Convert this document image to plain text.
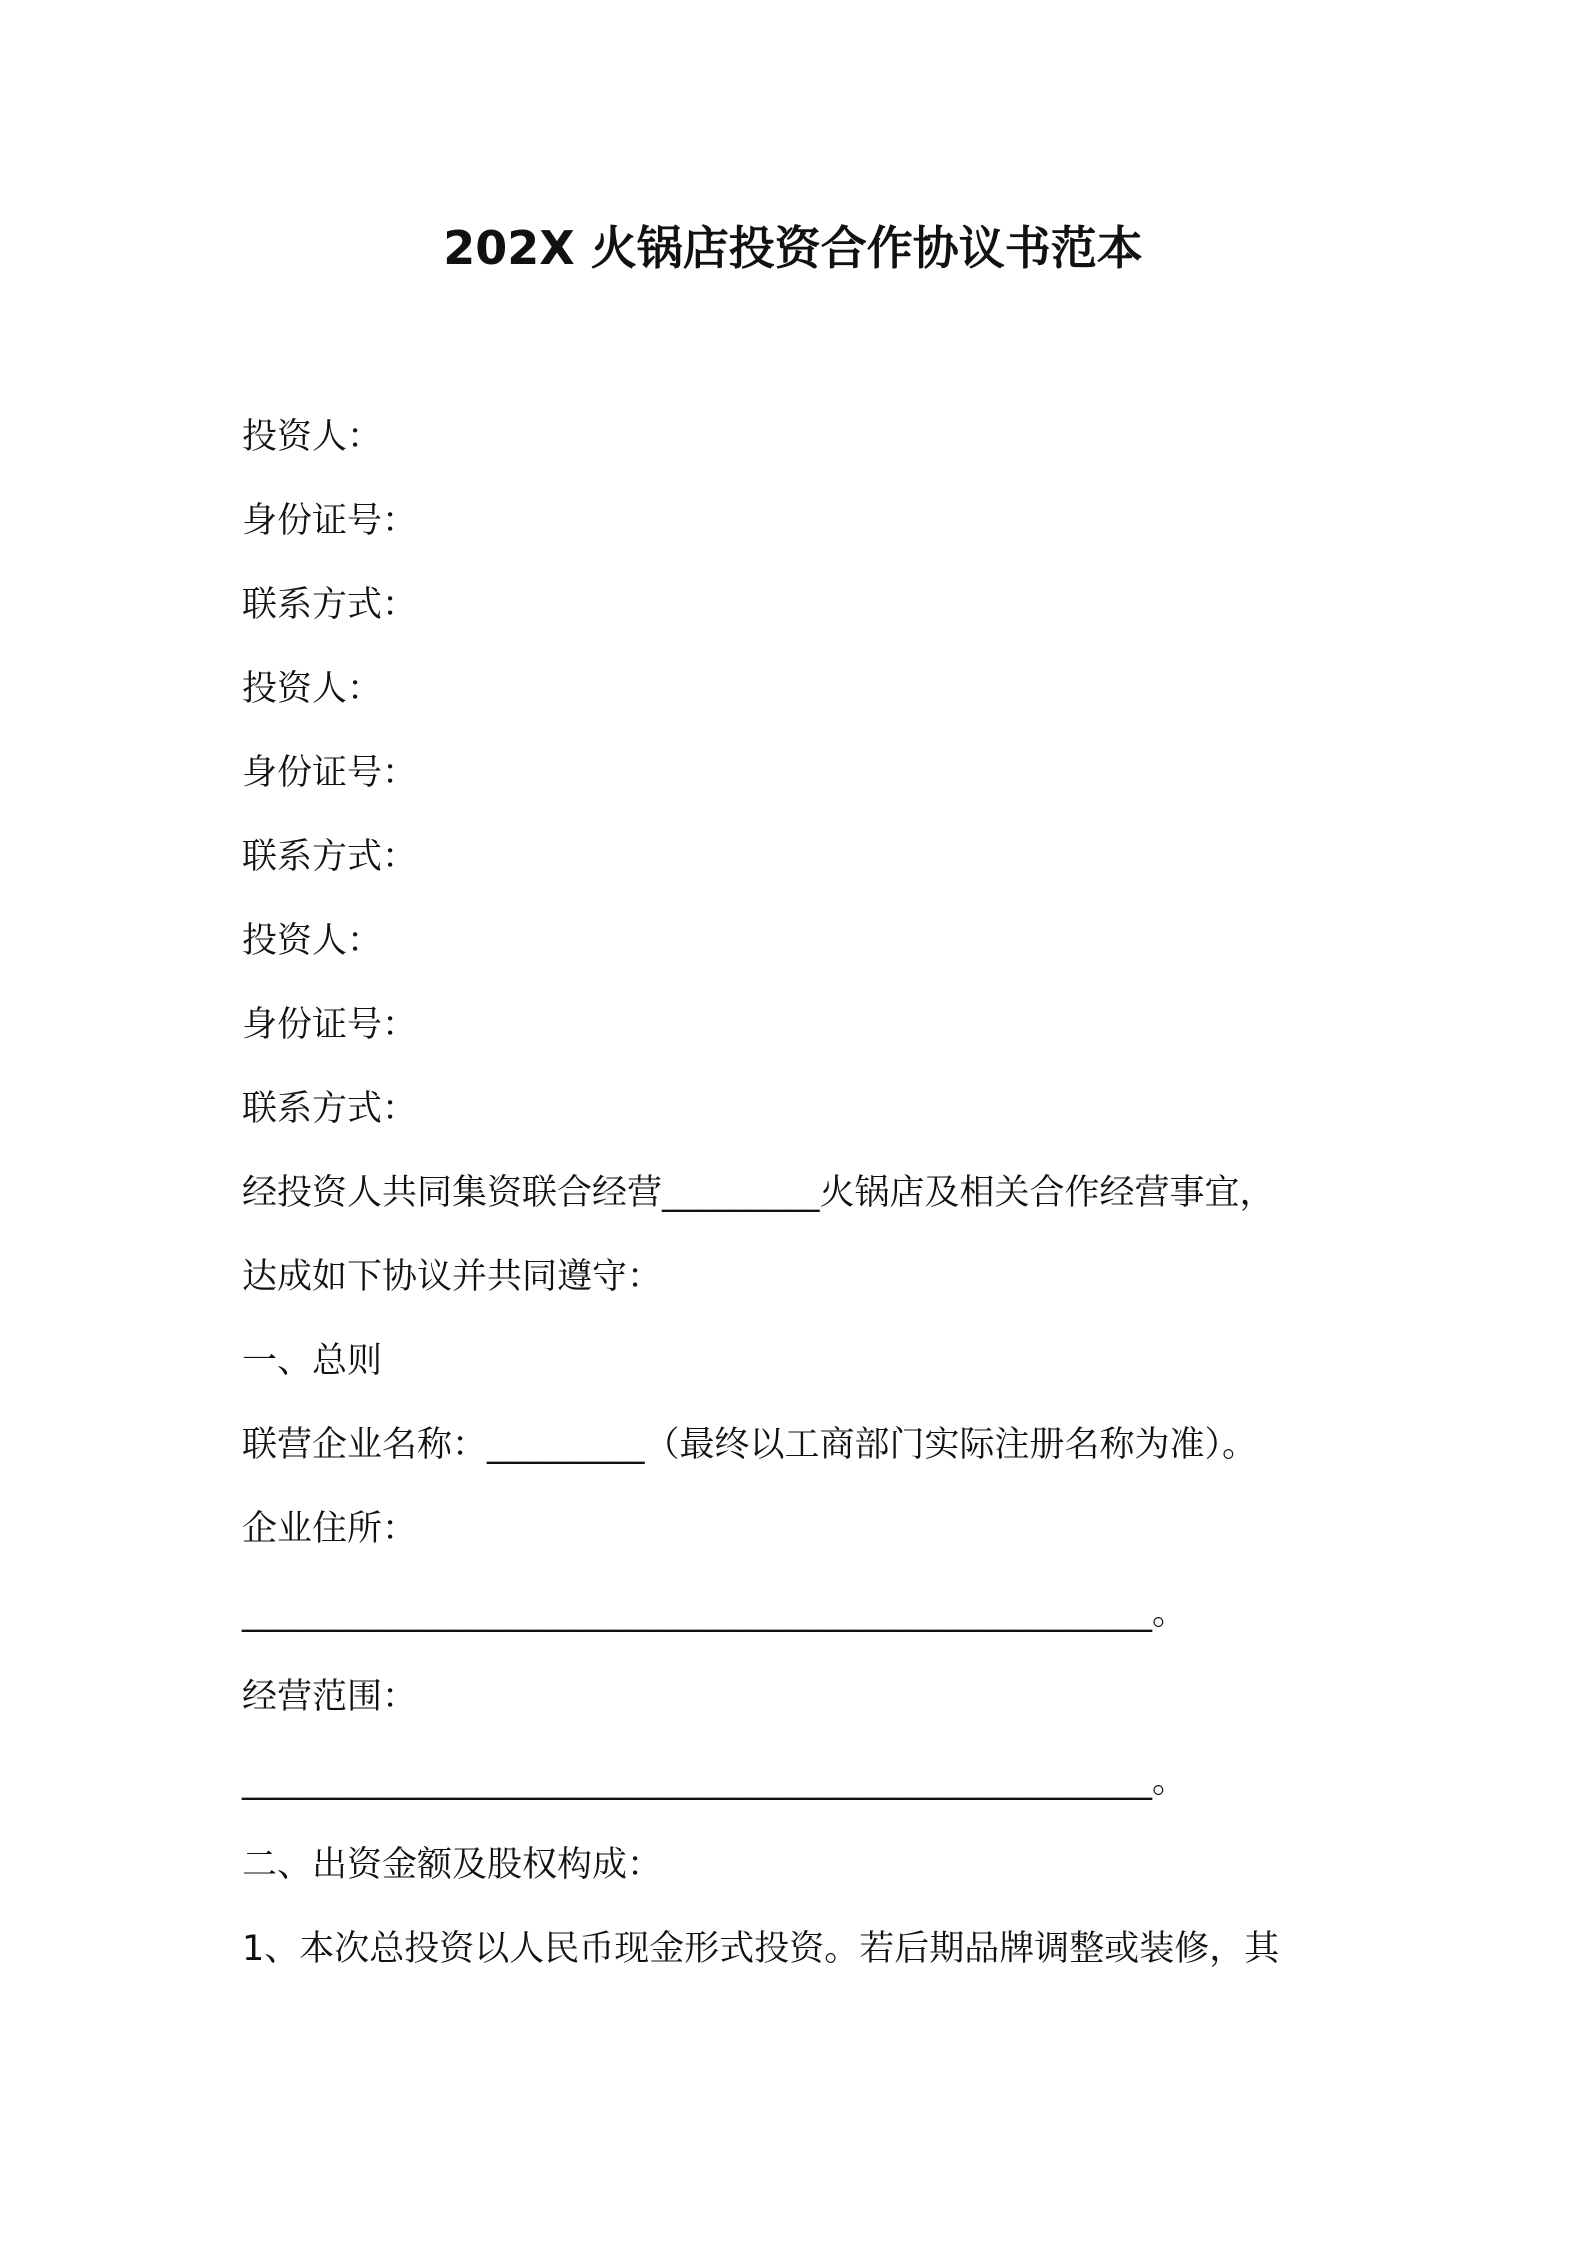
202X 火锅店投资合作协议书范本
投资人：
身份证号：
联系方式：
投资人：
身份证号：
联系方式：
投资人：
身份证号：
联系方式：
经投资人共同集资联合经营_________火锅店及相关合作经营事宜，
达成如下协议并共同遵守：
一、总则
联营企业名称：_________（最终以工商部门实际注册名称为准）。
企业住所：
____________________________________________________。
经营范围：
____________________________________________________。
二、出资金额及股权构成：
1、本次总投资以人民币现金形式投资。若后期品牌调整或装修，其
